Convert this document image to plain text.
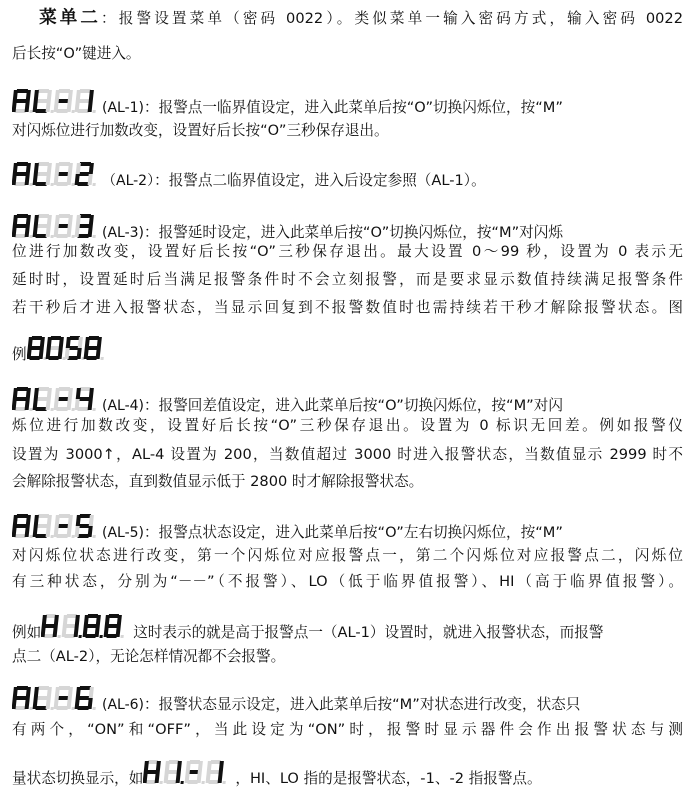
菜单二：报警设置菜单（密码 0022）。类似菜单一输入密码方式，输入密码 0022
后长按“O”键进入。
(AL-1)：报警点一临界值设定，进入此菜单后按“O”切换闪烁位，按“M”
对闪烁位进行加数改变，设置好后长按“O”三秒保存退出。
（AL-2）：报警点二临界值设定，进入后设定参照（AL-1）。
(AL-3)：报警延时设定，进入此菜单后按“O”切换闪烁位，按“M”对闪烁
位进行加数改变，设置好后长按“O”三秒保存退出。最大设置 0～99 秒，设置为 0 表示无
延时时，设置延时后当满足报警条件时不会立刻报警，而是要求显示数值持续满足报警条件
若干秒后才进入报警状态，当显示回复到不报警数值时也需持续若干秒才解除报警状态。图
例
(AL-4)：报警回差值设定，进入此菜单后按“O”切换闪烁位，按“M”对闪
烁位进行加数改变，设置好后长按“O”三秒保存退出。设置为 0 标识无回差。例如报警仪
设置为 3000↑，AL-4 设置为 200，当数值超过 3000 时进入报警状态，当数值显示 2999 时不
会解除报警状态，直到数值显示低于 2800 时才解除报警状态。
(AL-5)：报警点状态设定，进入此菜单后按“O”左右切换闪烁位，按“M”
对闪烁位状态进行改变，第一个闪烁位对应报警点一，第二个闪烁位对应报警点二，闪烁位
有三种状态，分别为“－－”（不报警）、LO（低于临界值报警）、HI（高于临界值报警）。
例如	这时表示的就是高于报警点一（AL-1）设置时，就进入报警状态，而报警
点二（AL-2），无论怎样情况都不会报警。
(AL-6)：报警状态显示设定，进入此菜单后按“M”对状态进行改变，状态只
有两个，“ON”和“OFF”，当此设定为“ON”时，报警时显示器件会作出报警状态与测
量状态切换显示，如	，HI、LO 指的是报警状态，-1、-2 指报警点。
